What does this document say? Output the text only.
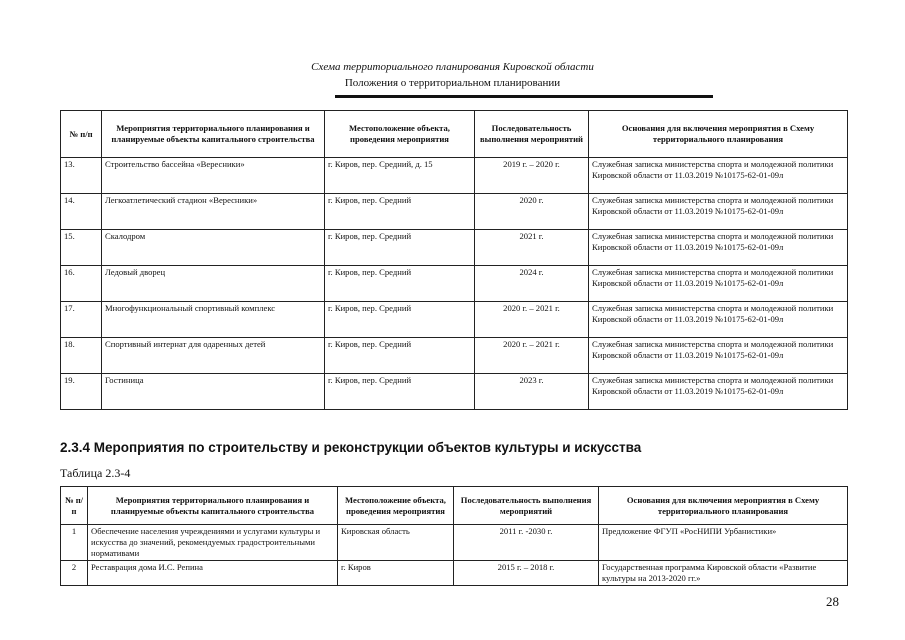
Схема территориального планирования Кировской области
Положения о территориальном планировании
№ п/п	Мероприятия территориального планирования и планируемые объекты капитального строительства	Местоположение объекта, проведения мероприятия	Последовательность выполнения мероприятий	Основания для включения мероприятия в Схему территориального планирования
13.	Строительство бассейна «Вересники»	г. Киров, пер. Средний, д. 15	2019 г. – 2020 г.	Служебная записка министерства спорта и молодежной политики Кировской области от 11.03.2019 №10175-62-01-09л
14.	Легкоатлетический стадион «Вересники»	г. Киров, пер. Средний	2020 г.	Служебная записка министерства спорта и молодежной политики Кировской области от 11.03.2019 №10175-62-01-09л
15.	Скалодром	г. Киров, пер. Средний	2021 г.	Служебная записка министерства спорта и молодежной политики Кировской области от 11.03.2019 №10175-62-01-09л
16.	Ледовый дворец	г. Киров, пер. Средний	2024 г.	Служебная записка министерства спорта и молодежной политики Кировской области от 11.03.2019 №10175-62-01-09л
17.	Многофункциональный спортивный комплекс	г. Киров, пер. Средний	2020 г. – 2021 г.	Служебная записка министерства спорта и молодежной политики Кировской области от 11.03.2019 №10175-62-01-09л
18.	Спортивный интернат для одаренных детей	г. Киров, пер. Средний	2020 г. – 2021 г.	Служебная записка министерства спорта и молодежной политики Кировской области от 11.03.2019 №10175-62-01-09л
19.	Гостиница	г. Киров, пер. Средний	2023 г.	Служебная записка министерства спорта и молодежной политики Кировской области от 11.03.2019 №10175-62-01-09л
2.3.4 Мероприятия по строительству и реконструкции объектов культуры и искусства
Таблица 2.3-4
№ п/п	Мероприятия территориального планирования и планируемые объекты капитального строительства	Местоположение объекта, проведения мероприятия	Последовательность выполнения мероприятий	Основания для включения мероприятия в Схему территориального планирования
1	Обеспечение населения учреждениями и услугами культуры и искусства до значений, рекомендуемых градостроительными нормативами	Кировская область	2011 г. -2030 г.	Предложение ФГУП «РосНИПИ Урбанистики»
2	Реставрация дома И.С. Репина	г. Киров	2015 г. – 2018 г.	Государственная программа Кировской области «Развитие культуры на 2013-2020 гг.»
28
